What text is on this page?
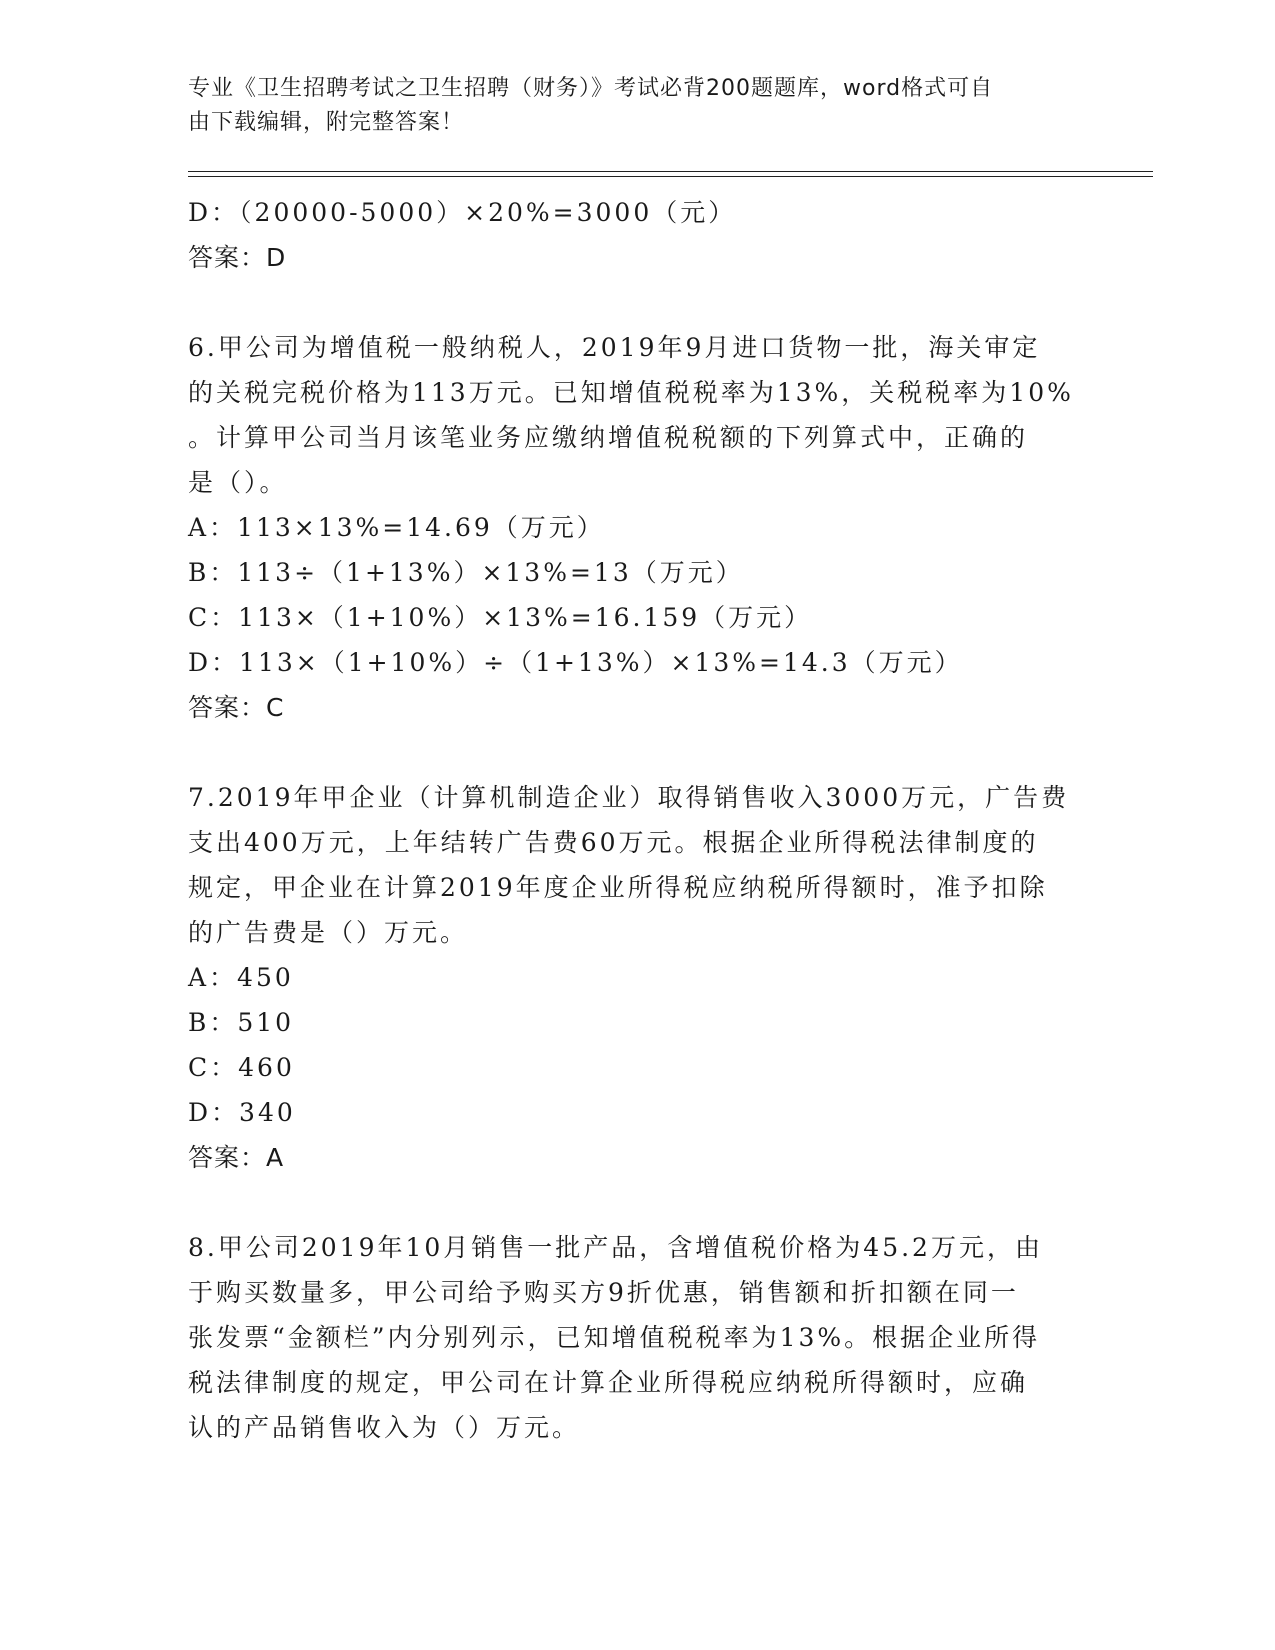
专业《卫生招聘考试之卫生招聘（财务）》考试必背200题题库，word格式可自
由下载编辑，附完整答案！
D：（20000-5000）×20%=3000（元）
答案：D
6.甲公司为增值税一般纳税人，2019年9月进口货物一批，海关审定
的关税完税价格为113万元。已知增值税税率为13%，关税税率为10%
。计算甲公司当月该笔业务应缴纳增值税税额的下列算式中，正确的
是（）。
A：113×13%=14.69（万元）
B：113÷（1+13%）×13%=13（万元）
C：113×（1+10%）×13%=16.159（万元）
D：113×（1+10%）÷（1+13%）×13%=14.3（万元）
答案：C
7.2019年甲企业（计算机制造企业）取得销售收入3000万元，广告费
支出400万元，上年结转广告费60万元。根据企业所得税法律制度的
规定，甲企业在计算2019年度企业所得税应纳税所得额时，准予扣除
的广告费是（）万元。
A：450
B：510
C：460
D：340
答案：A
8.甲公司2019年10月销售一批产品，含增值税价格为45.2万元，由
于购买数量多，甲公司给予购买方9折优惠，销售额和折扣额在同一
张发票“金额栏”内分别列示，已知增值税税率为13%。根据企业所得
税法律制度的规定，甲公司在计算企业所得税应纳税所得额时，应确
认的产品销售收入为（）万元。
